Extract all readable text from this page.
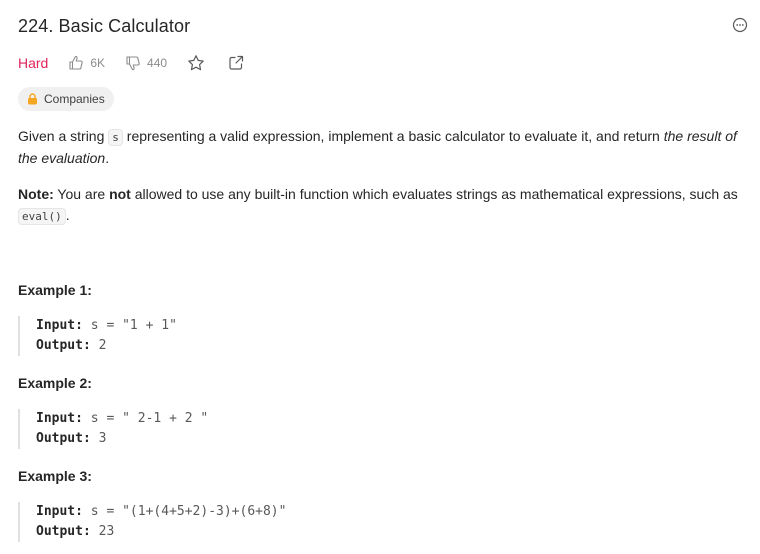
224. Basic Calculator
Hard	6K	440
Companies

Given a string s representing a valid expression, implement a basic calculator to evaluate it, and return the result of the evaluation.

Note: You are not allowed to use any built-in function which evaluates strings as mathematical expressions, such as eval() .
Example 1:
Input: s = "1 + 1"
Output: 2
Example 2:
Input: s = " 2-1 + 2 "
Output: 3
Example 3:
Input: s = "(1+(4+5+2)-3)+(6+8)"
Output: 23
